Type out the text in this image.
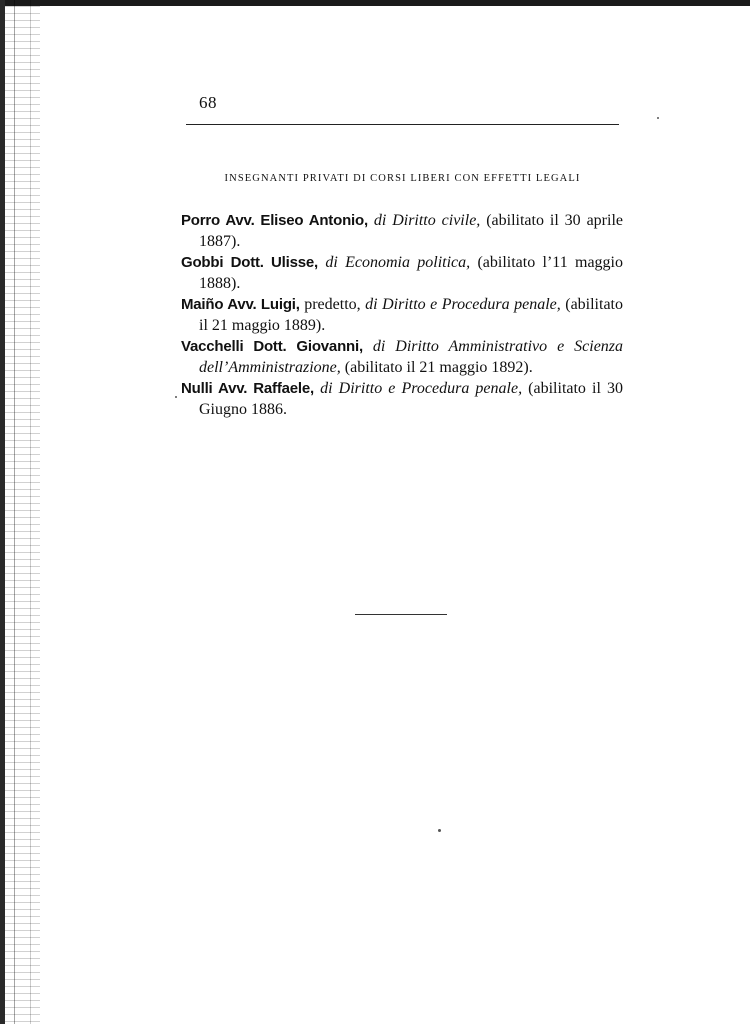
68
INSEGNANTI PRIVATI DI CORSI LIBERI CON EFFETTI LEGALI

Porro Avv. Eliseo Antonio, di Diritto civile, (abilitato il 30 aprile 1887).

Gobbi Dott. Ulisse, di Economia politica, (abilitato l’11 maggio 1888).

Maiño Avv. Luigi, predetto, di Diritto e Procedura penale, (abilitato il 21 maggio 1889).

Vacchelli Dott. Giovanni, di Diritto Amministrativo e Scienza dell’Amministrazione, (abilitato il 21 maggio 1892).

Nulli Avv. Raffaele, di Diritto e Procedura penale, (abilitato il 30 Giugno 1886.
